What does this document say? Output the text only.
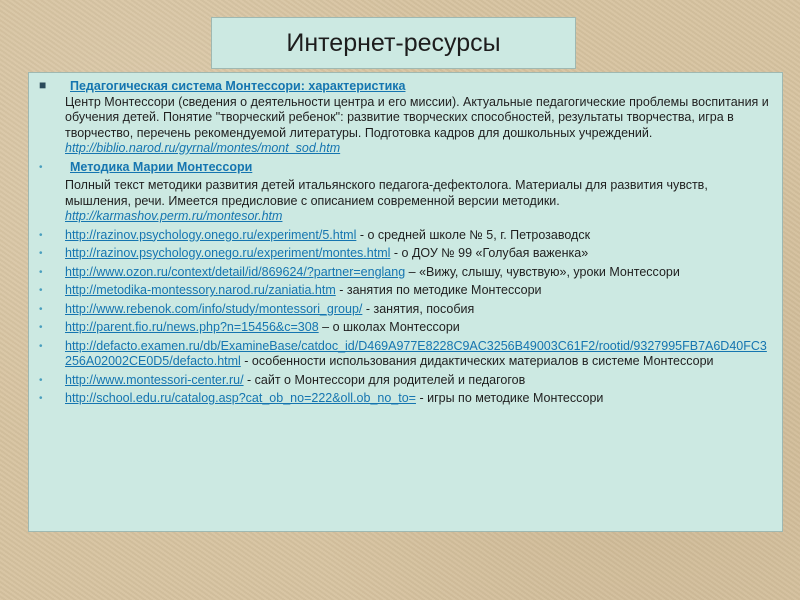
Интернет-ресурсы
■ Педагогическая система Монтессори: характеристика
Центр Монтессори (сведения о деятельности центра и его миссии). Актуальные педагогические проблемы воспитания и обучения детей. Понятие "творческий ребенок": развитие творческих способностей, результаты творчества, игра в творчество, перечень рекомендуемой литературы. Подготовка кадров для дошкольных учреждений.
http://biblio.narod.ru/gyrnal/montes/mont_sod.htm
• Методика Марии Монтессори
Полный текст методики развития детей итальянского педагога-дефектолога. Материалы для развития чувств, мышления, речи. Имеется предисловие с описанием современной версии методики.
http://karmashov.perm.ru/montesor.htm
• http://razinov.psychology.onego.ru/experiment/5.html - о средней школе № 5, г. Петрозаводск
• http://razinov.psychology.onego.ru/experiment/montes.html - о ДОУ № 99 «Голубая важенка»
• http://www.ozon.ru/context/detail/id/869624/?partner=englang – «Вижу, слышу, чувствую», уроки Монтессори
• http://metodika-montessory.narod.ru/zaniatia.htm - занятия по методике Монтессори
• http://www.rebenok.com/info/study/montessori_group/ - занятия, пособия
• http://parent.fio.ru/news.php?n=15456&c=308 – о школах Монтессори
• http://defacto.examen.ru/db/ExamineBase/catdoc_id/D469A977E8228C9AC3256B49003C61F2/rootid/9327995FB7A6D40FC3256A02002CE0D5/defacto.html - особенности использования дидактических материалов в системе Монтессори
• http://www.montessori-center.ru/ - сайт о Монтессори для родителей и педагогов
• http://school.edu.ru/catalog.asp?cat_ob_no=222&oll.ob_no_to= - игры по методике Монтессори
